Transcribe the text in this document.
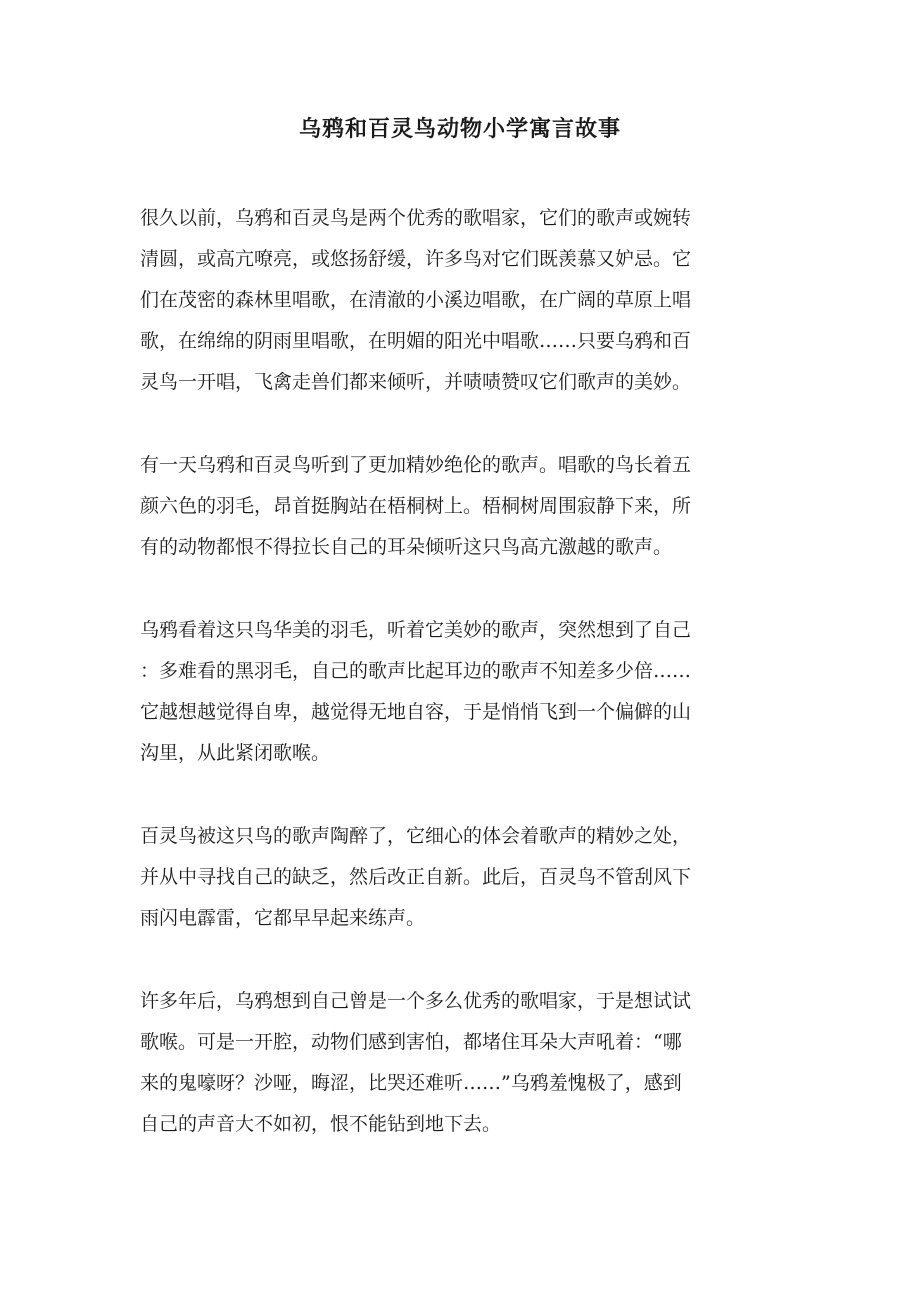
乌鸦和百灵鸟动物小学寓言故事

很久以前，乌鸦和百灵鸟是两个优秀的歌唱家，它们的歌声或婉转
清圆，或高亢嘹亮，或悠扬舒缓，许多鸟对它们既羡慕又妒忌。它
们在茂密的森林里唱歌，在清澈的小溪边唱歌，在广阔的草原上唱
歌，在绵绵的阴雨里唱歌，在明媚的阳光中唱歌……只要乌鸦和百
灵鸟一开唱，飞禽走兽们都来倾听，并啧啧赞叹它们歌声的美妙。

有一天乌鸦和百灵鸟听到了更加精妙绝伦的歌声。唱歌的鸟长着五
颜六色的羽毛，昂首挺胸站在梧桐树上。梧桐树周围寂静下来，所
有的动物都恨不得拉长自己的耳朵倾听这只鸟高亢激越的歌声。

乌鸦看着这只鸟华美的羽毛，听着它美妙的歌声，突然想到了自己
：多难看的黑羽毛，自己的歌声比起耳边的歌声不知差多少倍……
它越想越觉得自卑，越觉得无地自容，于是悄悄飞到一个偏僻的山
沟里，从此紧闭歌喉。

百灵鸟被这只鸟的歌声陶醉了，它细心的体会着歌声的精妙之处，
并从中寻找自己的缺乏，然后改正自新。此后，百灵鸟不管刮风下
雨闪电霹雷，它都早早起来练声。

许多年后，乌鸦想到自己曾是一个多么优秀的歌唱家，于是想试试
歌喉。可是一开腔，动物们感到害怕，都堵住耳朵大声吼着：“哪
来的鬼嚎呀？沙哑，晦涩，比哭还难听……”乌鸦羞愧极了，感到
自己的声音大不如初，恨不能钻到地下去。
